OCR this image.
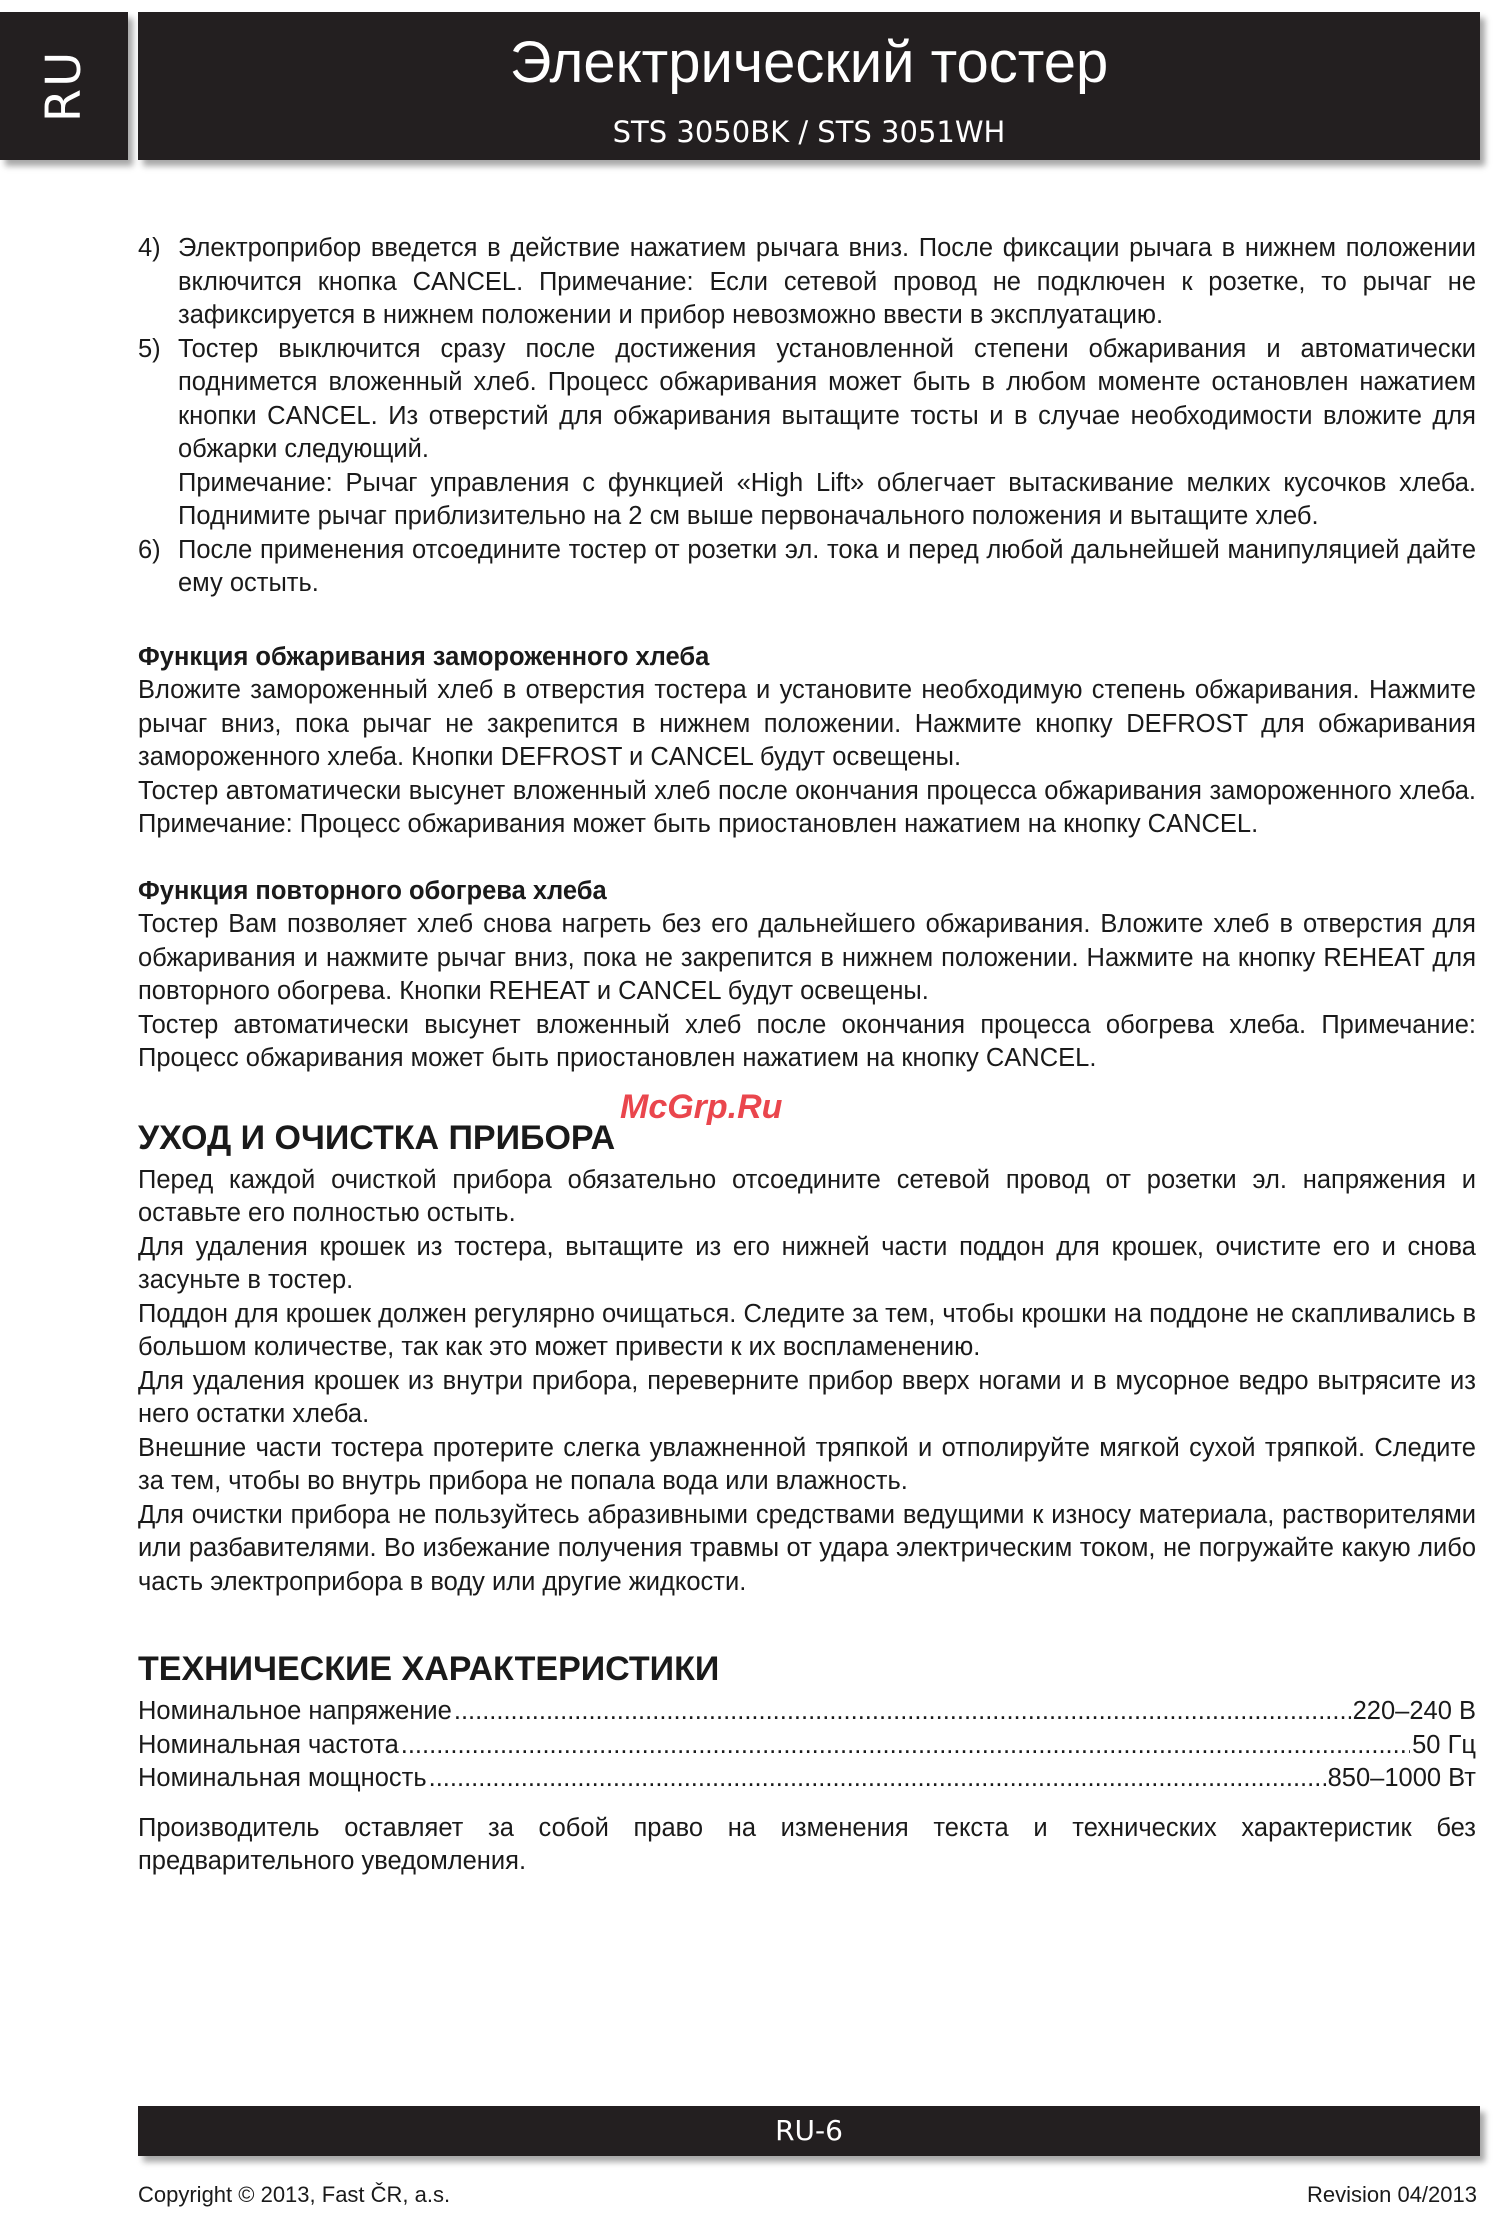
RU	Электрический тостер
STS 3050BK / STS 3051WH
4) Электроприбор введется в действие нажатием рычага вниз. После фиксации рычага в нижнем положении включится кнопка CANCEL. Примечание: Если сетевой провод не подключен к розетке, то рычаг не зафиксируется в нижнем положении и прибор невозможно ввести в эксплуатацию.

5) Тостер выключится сразу после достижения установленной степени обжаривания и автоматически поднимется вложенный хлеб. Процесс обжаривания может быть в любом моменте остановлен нажатием кнопки CANCEL. Из отверстий для обжаривания вытащите тосты и в случае необходимости вложите для обжарки следующий.

Примечание: Рычаг управления с функцией «High Lift» облегчает вытаскивание мелких кусочков хлеба. Поднимите рычаг приблизительно на 2 см выше первоначального положения и вытащите хлеб.

6) После применения отсоедините тостер от розетки эл. тока и перед любой дальнейшей манипуляцией дайте ему остыть.

Функция обжаривания замороженного хлеба

Вложите замороженный хлеб в отверстия тостера и установите необходимую степень обжаривания. Нажмите рычаг вниз, пока рычаг не закрепится в нижнем положении. Нажмите кнопку DEFROST для обжаривания замороженного хлеба. Кнопки DEFROST и CANCEL будут освещены.

Тостер автоматически высунет вложенный хлеб после окончания процесса обжаривания замороженного хлеба. Примечание: Процесс обжаривания может быть приостановлен нажатием на кнопку CANCEL.

Функция повторного обогрева хлеба

Тостер Вам позволяет хлеб снова нагреть без его дальнейшего обжаривания. Вложите хлеб в отверстия для обжаривания и нажмите рычаг вниз, пока не закрепится в нижнем положении. Нажмите на кнопку REHEAT для повторного обогрева. Кнопки REHEAT и CANCEL будут освещены.

Тостер автоматически высунет вложенный хлеб после окончания процесса обогрева хлеба. Примечание: Процесс обжаривания может быть приостановлен нажатием на кнопку CANCEL.

УХОД И ОЧИСТКА ПРИБОРА

Перед каждой очисткой прибора обязательно отсоедините сетевой провод от розетки эл. напряжения и оставьте его полностью остыть.

Для удаления крошек из тостера, вытащите из его нижней части поддон для крошек, очистите его и снова засуньте в тостер.

Поддон для крошек должен регулярно очищаться. Следите за тем, чтобы крошки на поддоне не скапливались в большом количестве, так как это может привести к их воспламенению.

Для удаления крошек из внутри прибора, переверните прибор вверх ногами и в мусорное ведро вытрясите из него остатки хлеба.

Внешние части тостера протерите слегка увлажненной тряпкой и отполируйте мягкой сухой тряпкой. Следите за тем, чтобы во внутрь прибора не попала вода или влажность.

Для очистки прибора не пользуйтесь абразивными средствами ведущими к износу материала, растворителями или разбавителями. Во избежание получения травмы от удара электрическим током, не погружайте какую либо часть электроприбора в воду или другие жидкости.

ТЕХНИЧЕСКИЕ ХАРАКТЕРИСТИКИ
Номинальное напряжение .....	220–240 В
Номинальная частота .....	50 Гц
Номинальная мощность .....	850–1000 Вт

Производитель оставляет за собой право на изменения текста и технических характеристик без предварительного уведомления.

McGrp.Ru
RU-6
Copyright © 2013, Fast ČR, a.s.	Revision 04/2013
